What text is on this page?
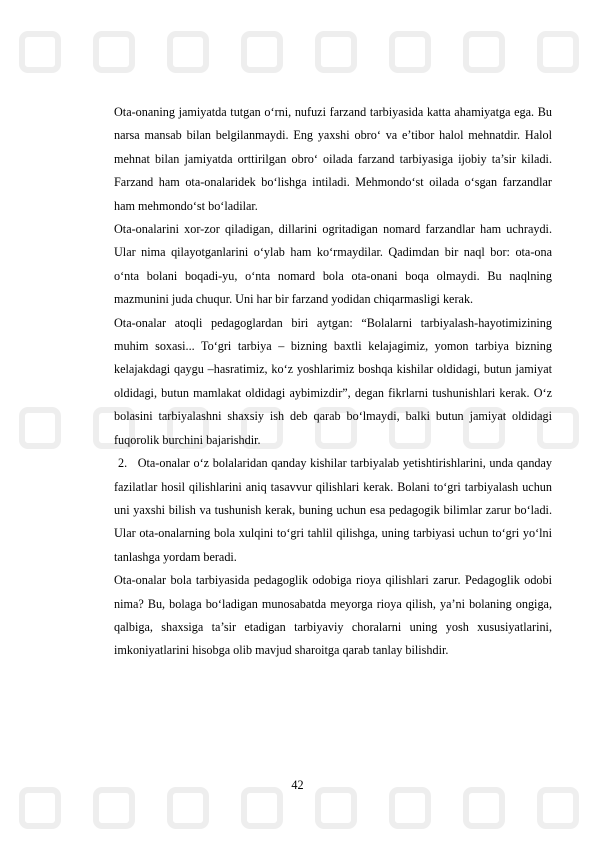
Ota-onaning jamiyatda tutgan o‘rni, nufuzi farzand tarbiyasida katta ahamiyatga ega. Bu narsa mansab bilan belgilanmaydi. Eng yaxshi obro‘ va e’tibor halol mehnatdir. Halol mehnat bilan jamiyatda orttirilgan obro‘ oilada farzand tarbiyasiga ijobiy ta’sir kiladi. Farzand ham ota-onalaridek bo‘lishga intiladi. Mehmondo‘st oilada o‘sgan farzandlar ham mehmondo‘st bo‘ladilar.

Ota-onalarini xor-zor qiladigan, dillarini ogritadigan nomard farzandlar ham uchraydi. Ular nima qilayotganlarini o‘ylab ham ko‘rmaydilar. Qadimdan bir naql bor: ota-ona o‘nta bolani boqadi-yu, o‘nta nomard bola ota-onani boqa olmaydi. Bu naqlning mazmunini juda chuqur. Uni har bir farzand yodidan chiqarmasligi kerak.

Ota-onalar atoqli pedagoglardan biri aytgan: “Bolalarni tarbiyalash-hayotimizining muhim soxasi... To‘gri tarbiya – bizning baxtli kelajagimiz, yomon tarbiya bizning kelajakdagi qaygu –hasratimiz, ko‘z yoshlarimiz boshqa kishilar oldidagi, butun jamiyat oldidagi, butun mamlakat oldidagi aybimizdir”, degan fikrlarni tushunishlari kerak. O‘z bolasini tarbiyalashni shaxsiy ish deb qarab bo‘lmaydi, balki butun jamiyat oldidagi fuqorolik burchini bajarishdir.

2. Ota-onalar o‘z bolalaridan qanday kishilar tarbiyalab yetishtirishlarini, unda qanday fazilatlar hosil qilishlarini aniq tasavvur qilishlari kerak. Bolani to‘gri tarbiyalash uchun uni yaxshi bilish va tushunish kerak, buning uchun esa pedagogik bilimlar zarur bo‘ladi. Ular ota-onalarning bola xulqini to‘gri tahlil qilishga, uning tarbiyasi uchun to‘gri yo‘lni tanlashga yordam beradi.

Ota-onalar bola tarbiyasida pedagoglik odobiga rioya qilishlari zarur. Pedagoglik odobi nima? Bu, bolaga bo‘ladigan munosabatda meyorga rioya qilish, ya’ni bolaning ongiga, qalbiga, shaxsiga ta’sir etadigan tarbiyaviy choralarni uning yosh xususiyatlarini, imkoniyatlarini hisobga olib mavjud sharoitga qarab tanlay bilishdir.

42
